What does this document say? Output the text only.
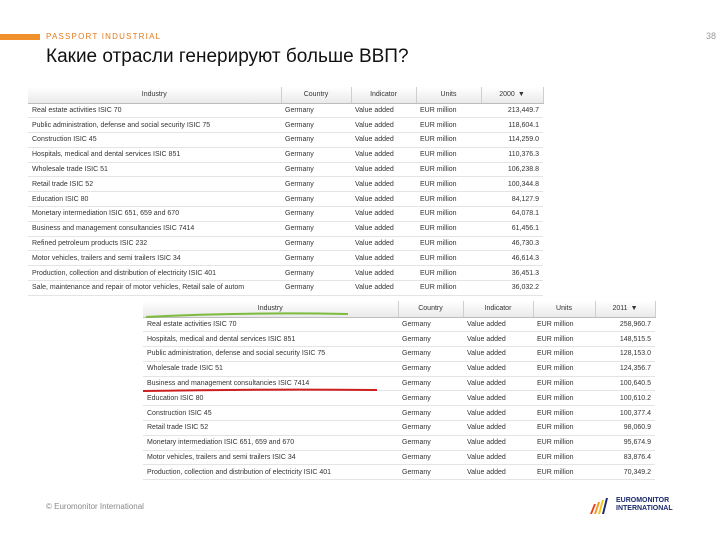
PASSPORT INDUSTRIAL	38
Какие отрасли генерируют больше ВВП?
Industry	Country	Indicator	Units	2000 ▼
Real estate activities ISIC 70	Germany	Value added	EUR million	213,449.7
Public administration, defense and social security ISIC 75	Germany	Value added	EUR million	118,604.1
Construction ISIC 45	Germany	Value added	EUR million	114,259.0
Hospitals, medical and dental services ISIC 851	Germany	Value added	EUR million	110,376.3
Wholesale trade ISIC 51	Germany	Value added	EUR million	106,238.8
Retail trade ISIC 52	Germany	Value added	EUR million	100,344.8
Education ISIC 80	Germany	Value added	EUR million	84,127.9
Monetary intermediation ISIC 651, 659 and 670	Germany	Value added	EUR million	64,078.1
Business and management consultancies ISIC 7414	Germany	Value added	EUR million	61,456.1
Refined petroleum products ISIC 232	Germany	Value added	EUR million	46,730.3
Motor vehicles, trailers and semi trailers ISIC 34	Germany	Value added	EUR million	46,614.3
Production, collection and distribution of electricity ISIC 401	Germany	Value added	EUR million	36,451.3
Sale, maintenance and repair of motor vehicles, Retail sale of autom	Germany	Value added	EUR million	36,032.2
Industry	Country	Indicator	Units	2011 ▼
Real estate activities ISIC 70	Germany	Value added	EUR million	258,960.7
Hospitals, medical and dental services ISIC 851	Germany	Value added	EUR million	148,515.5
Public administration, defense and social security ISIC 75	Germany	Value added	EUR million	128,153.0
Wholesale trade ISIC 51	Germany	Value added	EUR million	124,356.7
Business and management consultancies ISIC 7414	Germany	Value added	EUR million	100,640.5
Education ISIC 80	Germany	Value added	EUR million	100,610.2
Construction ISIC 45	Germany	Value added	EUR million	100,377.4
Retail trade ISIC 52	Germany	Value added	EUR million	98,060.9
Monetary intermediation ISIC 651, 659 and 670	Germany	Value added	EUR million	95,674.9
Motor vehicles, trailers and semi trailers ISIC 34	Germany	Value added	EUR million	83,876.4
Production, collection and distribution of electricity ISIC 401	Germany	Value added	EUR million	70,349.2
© Euromonitor International
EUROMONITOR
INTERNATIONAL
